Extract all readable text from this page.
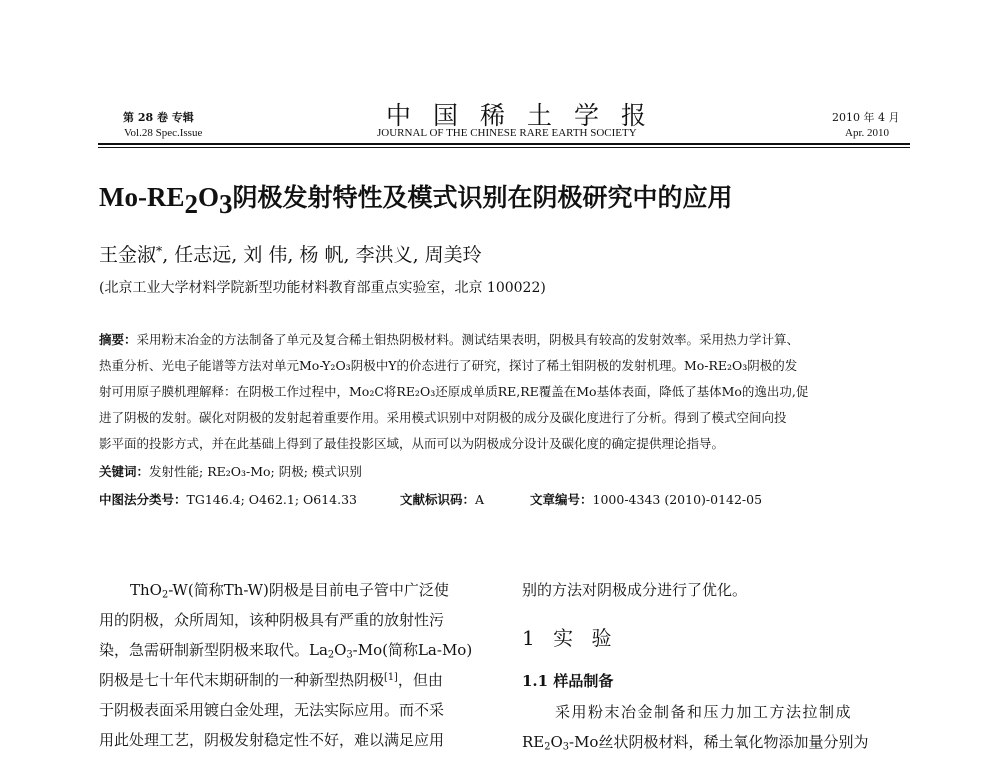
第 28 卷 专辑
Vol.28 Spec.Issue
中国稀土学报
JOURNAL OF THE CHINESE RARE EARTH SOCIETY
2010 年 4 月
Apr. 2010
$Mo-RE_2O_3$阴极发射特性及模式识别在阴极研究中的应用
王金淑*, 任志远, 刘 伟, 杨 帆, 李洪义, 周美玲
(北京工业大学材料学院新型功能材料教育部重点实验室，北京 100022)
摘要：采用粉末冶金的方法制备了单元及复合稀土钼热阴极材料。测试结果表明，阴极具有较高的发射效率。采用热力学计算、
热重分析、光电子能谱等方法对单元Mo-Y₂O₃阴极中Y的价态进行了研究，探讨了稀土钼阴极的发射机理。Mo-RE₂O₃阴极的发
射可用原子膜机理解释：在阴极工作过程中，Mo₂C将RE₂O₃还原成单质RE,RE覆盖在Mo基体表面，降低了基体Mo的逸出功,促
进了阴极的发射。碳化对阴极的发射起着重要作用。采用模式识别中对阴极的成分及碳化度进行了分析。得到了模式空间向投
影平面的投影方式，并在此基础上得到了最佳投影区域，从而可以为阴极成分设计及碳化度的确定提供理论指导。
关键词：发射性能; RE₂O₃-Mo; 阴极; 模式识别
中图法分类号：TG146.4; O462.1; O614.33	文献标识码：A	文章编号：1000-4343 (2010)-0142-05
ThO$_2$-W(简称Th-W)阴极是目前电子管中广泛使
用的阴极，众所周知，该种阴极具有严重的放射性污
染，急需研制新型阴极来取代。$La_2O_3-Mo$(简称La-Mo)
阴极是七十年代末期研制的一种新型热阴极[1]，但由
于阴极表面采用镀白金处理，无法实际应用。而不采
用此处理工艺，阴极发射稳定性不好，难以满足应用
别的方法对阴极成分进行了优化。
1 实 验
1.1 样品制备
采用粉末冶金制备和压力加工方法拉制成
$RE_2O_3-Mo$丝状阴极材料，稀土氧化物添加量分别为
